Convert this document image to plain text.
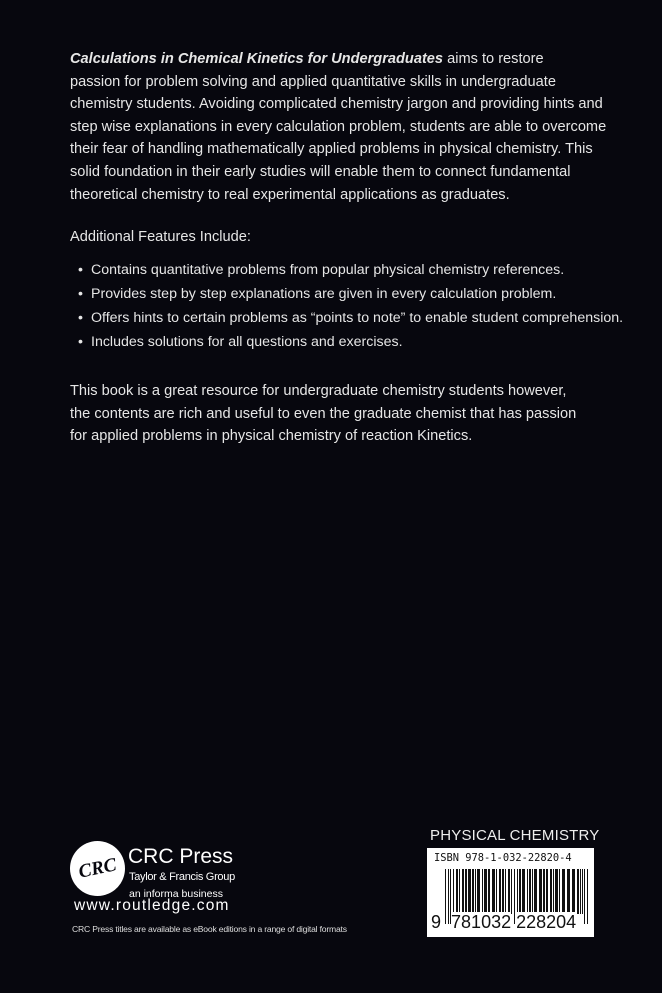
Calculations in Chemical Kinetics for Undergraduates aims to restore
passion for problem solving and applied quantitative skills in undergraduate
chemistry students. Avoiding complicated chemistry jargon and providing hints and
step wise explanations in every calculation problem, students are able to overcome
their fear of handling mathematically applied problems in physical chemistry. This
solid foundation in their early studies will enable them to connect fundamental
theoretical chemistry to real experimental applications as graduates.
Additional Features Include:
• Contains quantitative problems from popular physical chemistry references.
• Provides step by step explanations are given in every calculation problem.
• Offers hints to certain problems as “points to note” to enable student comprehension.
• Includes solutions for all questions and exercises.
This book is a great resource for undergraduate chemistry students however,
the contents are rich and useful to even the graduate chemist that has passion
for applied problems in physical chemistry of reaction Kinetics.
CRC CRC Press
Taylor & Francis Group
an informa business
www.routledge.com
CRC Press titles are available as eBook editions in a range of digital formats
PHYSICAL CHEMISTRY
ISBN 978-1-032-22820-4
9 781032 228204
